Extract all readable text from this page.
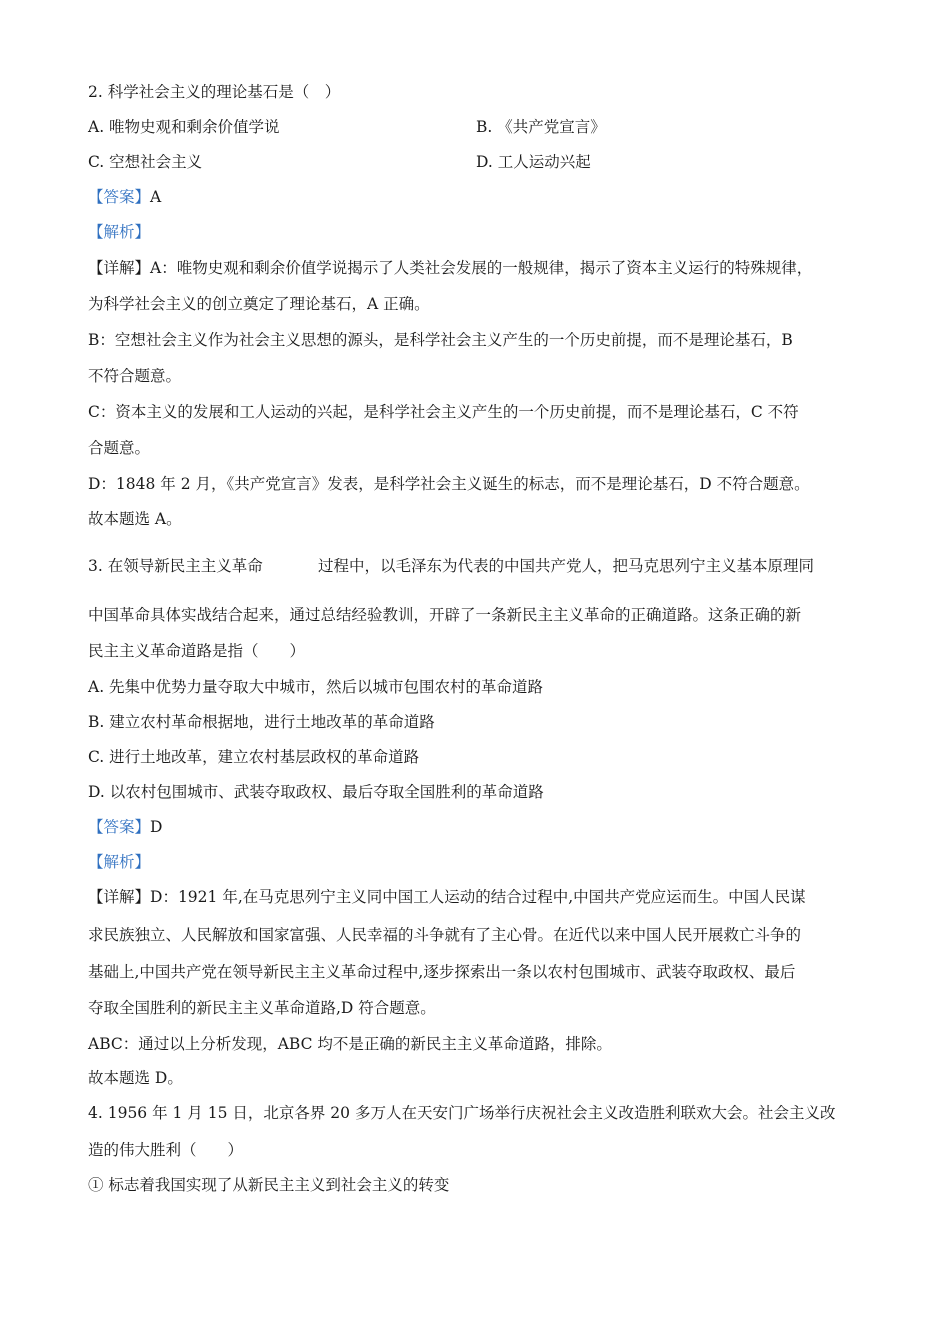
2. 科学社会主义的理论基石是（　）
A. 唯物史观和剩余价值学说	B. 《共产党宣言》
C. 空想社会主义	D. 工人运动兴起
【答案】A
【解析】
【详解】A：唯物史观和剩余价值学说揭示了人类社会发展的一般规律，揭示了资本主义运行的特殊规律，
为科学社会主义的创立奠定了理论基石，A 正确。
B：空想社会主义作为社会主义思想的源头，是科学社会主义产生的一个历史前提，而不是理论基石，B
不符合题意。
C：资本主义的发展和工人运动的兴起，是科学社会主义产生的一个历史前提，而不是理论基石，C 不符
合题意。
D：1848 年 2 月，《共产党宣言》发表，是科学社会主义诞生的标志，而不是理论基石，D 不符合题意。
故本题选 A。
3. 在领导新民主主义革命	过程中，以毛泽东为代表的中国共产党人，把马克思列宁主义基本原理同
中国革命具体实战结合起来，通过总结经验教训，开辟了一条新民主主义革命的正确道路。这条正确的新
民主主义革命道路是指（　　）
A. 先集中优势力量夺取大中城市，然后以城市包围农村的革命道路
B. 建立农村革命根据地，进行土地改革的革命道路
C. 进行土地改革，建立农村基层政权的革命道路
D. 以农村包围城市、武装夺取政权、最后夺取全国胜利的革命道路
【答案】D
【解析】
【详解】D：1921 年,在马克思列宁主义同中国工人运动的结合过程中,中国共产党应运而生。中国人民谋
求民族独立、人民解放和国家富强、人民幸福的斗争就有了主心骨。在近代以来中国人民开展救亡斗争的
基础上,中国共产党在领导新民主主义革命过程中,逐步探索出一条以农村包围城市、武装夺取政权、最后
夺取全国胜利的新民主主义革命道路,D 符合题意。
ABC：通过以上分析发现，ABC 均不是正确的新民主主义革命道路，排除。
故本题选 D。
4. 1956 年 1 月 15 日，北京各界 20 多万人在天安门广场举行庆祝社会主义改造胜利联欢大会。社会主义改
造的伟大胜利（　　）
① 标志着我国实现了从新民主主义到社会主义的转变
